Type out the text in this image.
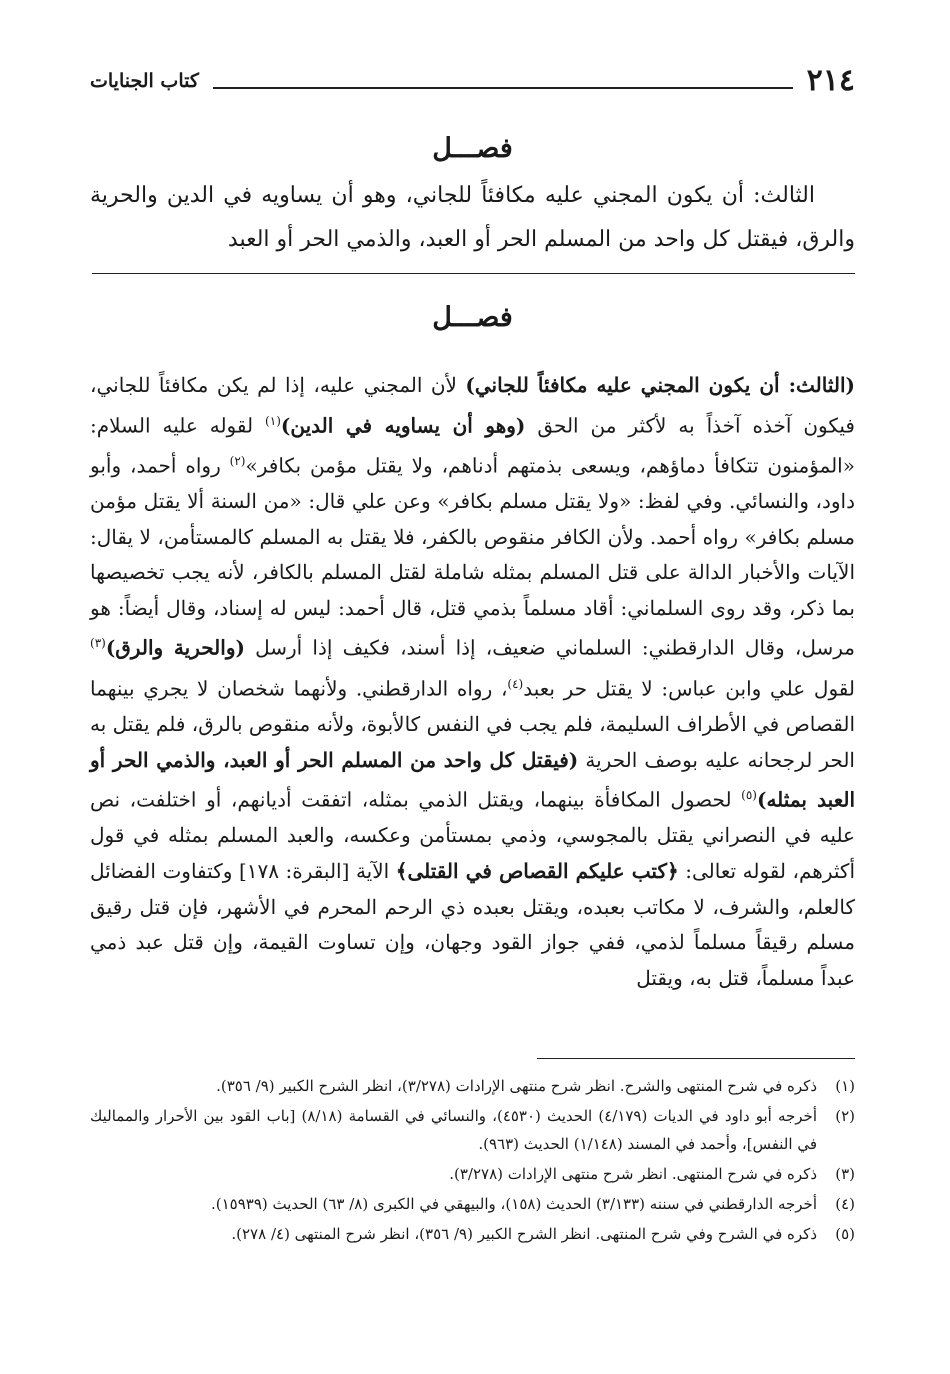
٢١٤
كتاب الجنايات
فصـــل

الثالث: أن يكون المجني عليه مكافئاً للجاني، وهو أن يساويه في الدين والحرية والرق، فيقتل كل واحد من المسلم الحر أو العبد، والذمي الحر أو العبد

فصـــل

(الثالث: أن يكون المجني عليه مكافئاً للجاني) لأن المجني عليه، إذا لم يكن مكافئاً للجاني، فيكون آخذه آخذاً به لأكثر من الحق (وهو أن يساويه في الدين)$^{(١)}$ لقوله عليه السلام: «المؤمنون تتكافأ دماؤهم، ويسعى بذمتهم أدناهم، ولا يقتل مؤمن بكافر»$^{(٢)}$ رواه أحمد، وأبو داود، والنسائي. وفي لفظ: «ولا يقتل مسلم بكافر» وعن علي قال: «من السنة ألا يقتل مؤمن مسلم بكافر» رواه أحمد. ولأن الكافر منقوص بالكفر، فلا يقتل به المسلم كالمستأمن، لا يقال: الآيات والأخبار الدالة على قتل المسلم بمثله شاملة لقتل المسلم بالكافر، لأنه يجب تخصيصها بما ذكر، وقد روى السلماني: أقاد مسلماً بذمي قتل، قال أحمد: ليس له إسناد، وقال أيضاً: هو مرسل، وقال الدارقطني: السلماني ضعيف، إذا أسند، فكيف إذا أرسل (والحرية والرق)$^{(٣)}$ لقول علي وابن عباس: لا يقتل حر بعبد$^{(٤)}$، رواه الدارقطني. ولأنهما شخصان لا يجري بينهما القصاص في الأطراف السليمة، فلم يجب في النفس كالأبوة، ولأنه منقوص بالرق، فلم يقتل به الحر لرجحانه عليه بوصف الحرية (فيقتل كل واحد من المسلم الحر أو العبد، والذمي الحر أو العبد بمثله)$^{(٥)}$ لحصول المكافأة بينهما، ويقتل الذمي بمثله، اتفقت أديانهم، أو اختلفت، نص عليه في النصراني يقتل بالمجوسي، وذمي بمستأمن وعكسه، والعبد المسلم بمثله في قول أكثرهم، لقوله تعالى: ﴿كتب عليكم القصاص في القتلى﴾ الآية [البقرة: ١٧٨] وكتفاوت الفضائل كالعلم، والشرف، لا مكاتب بعبده، ويقتل بعبده ذي الرحم المحرم في الأشهر، فإن قتل رقيق مسلم رقيقاً مسلماً لذمي، ففي جواز القود وجهان، وإن تساوت القيمة، وإن قتل عبد ذمي عبداً مسلماً، قتل به، ويقتل

(١)
ذكره في شرح المنتهى والشرح. انظر شرح منتهى الإرادات (٣/٢٧٨)، انظر الشرح الكبير (٩/ ٣٥٦).
(٢)
أخرجه أبو داود في الديات (٤/١٧٩) الحديث (٤٥٣٠)، والنسائي في القسامة (٨/١٨) [باب القود بين الأحرار والمماليك في النفس]، وأحمد في المسند (١/١٤٨) الحديث (٩٦٣).
(٣)
ذكره في شرح المنتهى. انظر شرح منتهى الإرادات (٣/٢٧٨).
(٤)
أخرجه الدارقطني في سننه (٣/١٣٣) الحديث (١٥٨)، والبيهقي في الكبرى (٨/ ٦٣) الحديث (١٥٩٣٩).
(٥)
ذكره في الشرح وفي شرح المنتهى. انظر الشرح الكبير (٩/ ٣٥٦)، انظر شرح المنتهى (٤/ ٢٧٨).
